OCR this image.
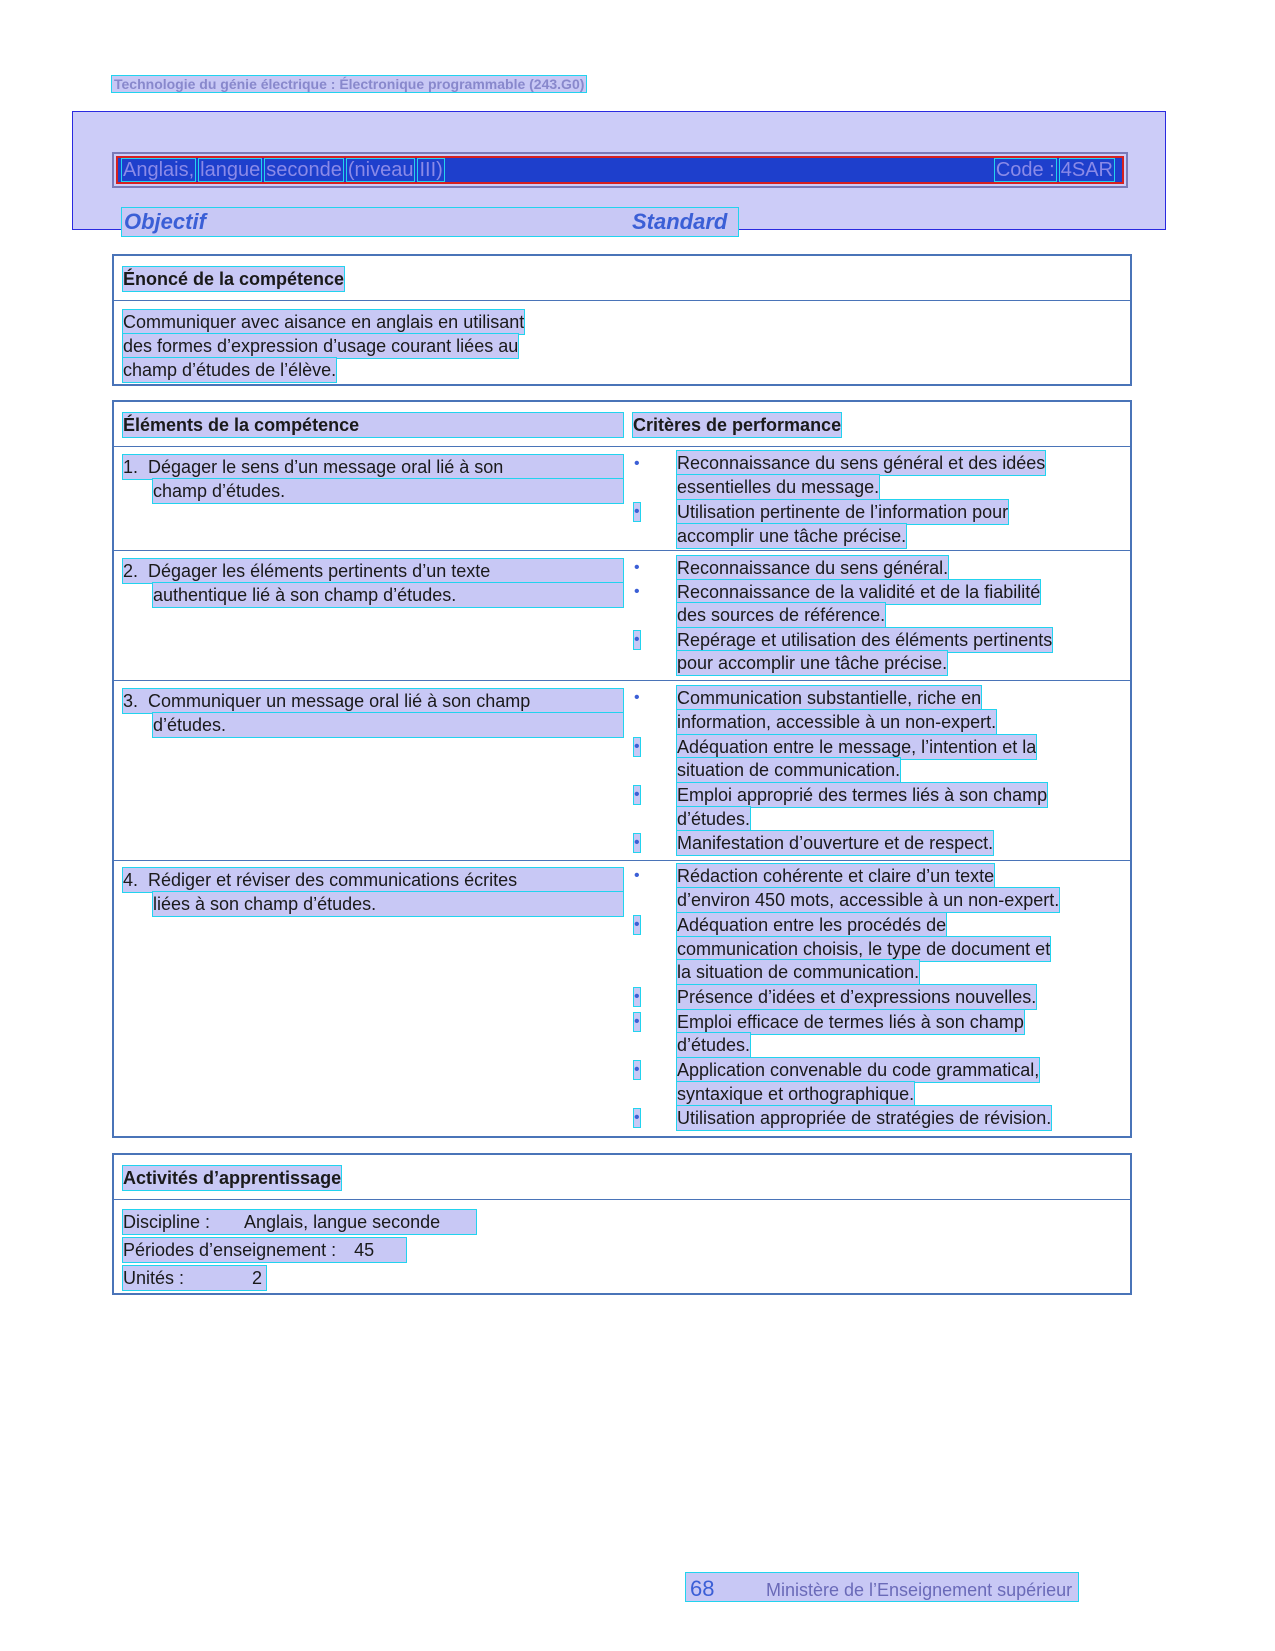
Technologie du génie électrique : Électronique programmable (243.G0)
Anglais, langue seconde (niveau III)	Code : 4SAR
Objectif	Standard
Énoncé de la compétence
Communiquer avec aisance en anglais en utilisant
des formes d’expression d’usage courant liées au
champ d’études de l’élève.
Éléments de la compétence	Critères de performance
1. Dégager le sens d’un message oral lié à son
champ d’études.
• Reconnaissance du sens général et des idées
essentielles du message.
• Utilisation pertinente de l’information pour
accomplir une tâche précise.
2. Dégager les éléments pertinents d’un texte
authentique lié à son champ d’études.
• Reconnaissance du sens général.
• Reconnaissance de la validité et de la fiabilité
des sources de référence.
• Repérage et utilisation des éléments pertinents
pour accomplir une tâche précise.
3. Communiquer un message oral lié à son champ
d’études.
• Communication substantielle, riche en
information, accessible à un non-expert.
• Adéquation entre le message, l’intention et la
situation de communication.
• Emploi approprié des termes liés à son champ
d’études.
• Manifestation d’ouverture et de respect.
4. Rédiger et réviser des communications écrites
liées à son champ d’études.
• Rédaction cohérente et claire d’un texte
d’environ 450 mots, accessible à un non-expert.
• Adéquation entre les procédés de
communication choisis, le type de document et
la situation de communication.
• Présence d’idées et d’expressions nouvelles.
• Emploi efficace de termes liés à son champ
d’études.
• Application convenable du code grammatical,
syntaxique et orthographique.
• Utilisation appropriée de stratégies de révision.
Activités d’apprentissage
Discipline : Anglais, langue seconde
Périodes d’enseignement : 45
Unités :	2
68	Ministère de l’Enseignement supérieur
